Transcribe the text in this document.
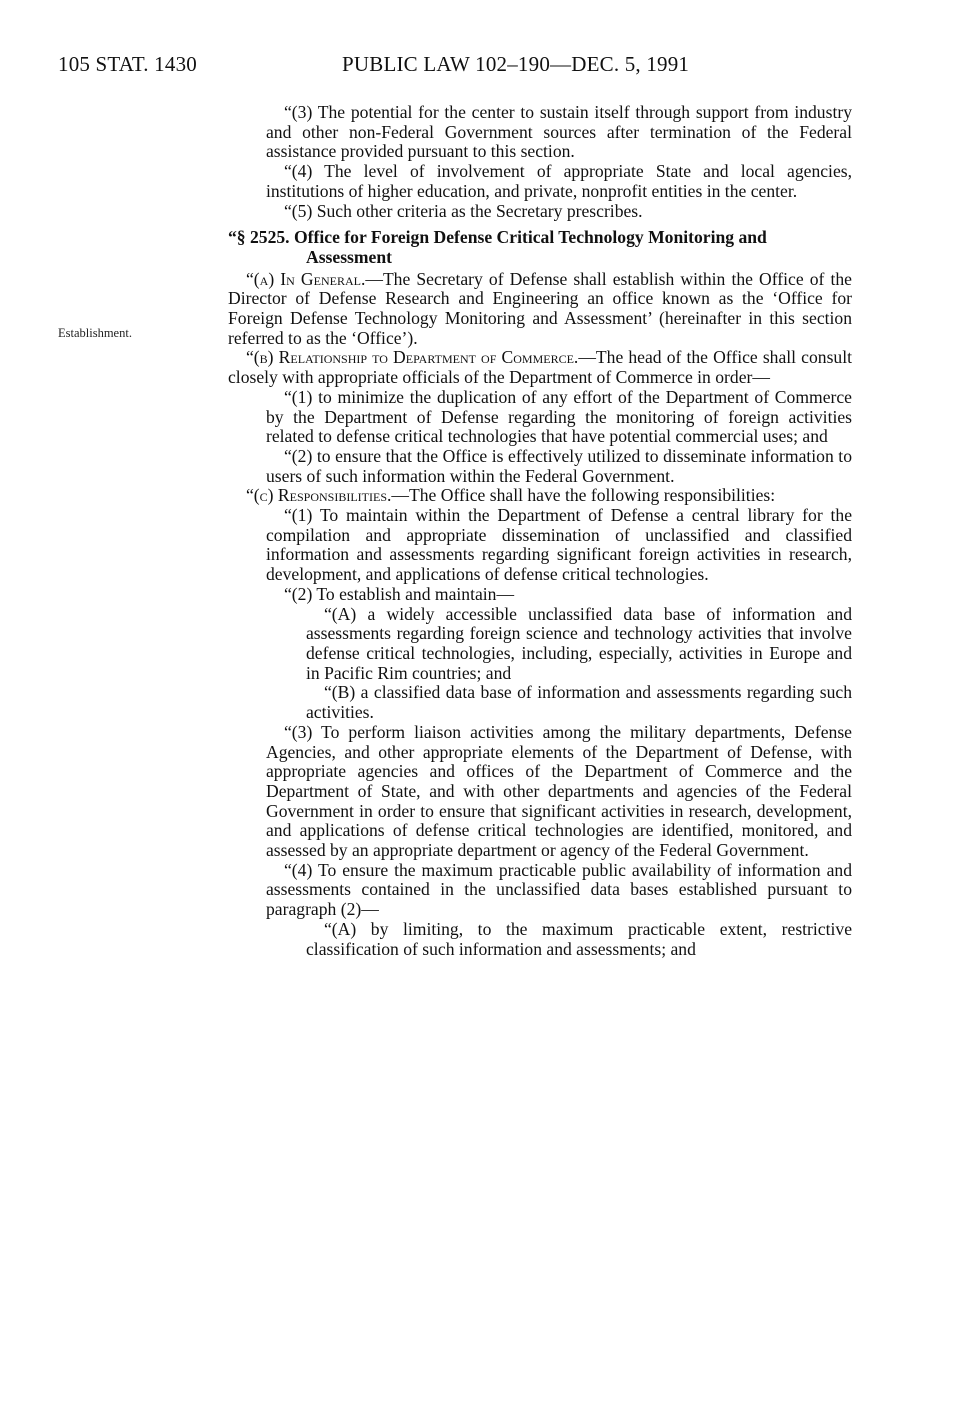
105 STAT. 1430	PUBLIC LAW 102–190—DEC. 5, 1991
Establishment.

“(3) The potential for the center to sustain itself through support from industry and other non-Federal Government sources after termination of the Federal assistance provided pursuant to this section.

“(4) The level of involvement of appropriate State and local agencies, institutions of higher education, and private, nonprofit entities in the center.

“(5) Such other criteria as the Secretary prescribes.

“§ 2525. Office for Foreign Defense Critical Technology Monitoring and Assessment

“(a) In General.—The Secretary of Defense shall establish within the Office of the Director of Defense Research and Engineering an office known as the ‘Office for Foreign Defense Technology Monitoring and Assessment’ (hereinafter in this section referred to as the ‘Office’).

“(b) Relationship to Department of Commerce.—The head of the Office shall consult closely with appropriate officials of the Department of Commerce in order—

“(1) to minimize the duplication of any effort of the Department of Commerce by the Department of Defense regarding the monitoring of foreign activities related to defense critical technologies that have potential commercial uses; and

“(2) to ensure that the Office is effectively utilized to disseminate information to users of such information within the Federal Government.

“(c) Responsibilities.—The Office shall have the following responsibilities:

“(1) To maintain within the Department of Defense a central library for the compilation and appropriate dissemination of unclassified and classified information and assessments regarding significant foreign activities in research, development, and applications of defense critical technologies.

“(2) To establish and maintain—

“(A) a widely accessible unclassified data base of information and assessments regarding foreign science and technology activities that involve defense critical technologies, including, especially, activities in Europe and in Pacific Rim countries; and

“(B) a classified data base of information and assessments regarding such activities.

“(3) To perform liaison activities among the military departments, Defense Agencies, and other appropriate elements of the Department of Defense, with appropriate agencies and offices of the Department of Commerce and the Department of State, and with other departments and agencies of the Federal Government in order to ensure that significant activities in research, development, and applications of defense critical technologies are identified, monitored, and assessed by an appropriate department or agency of the Federal Government.

“(4) To ensure the maximum practicable public availability of information and assessments contained in the unclassified data bases established pursuant to paragraph (2)—

“(A) by limiting, to the maximum practicable extent, restrictive classification of such information and assessments; and
